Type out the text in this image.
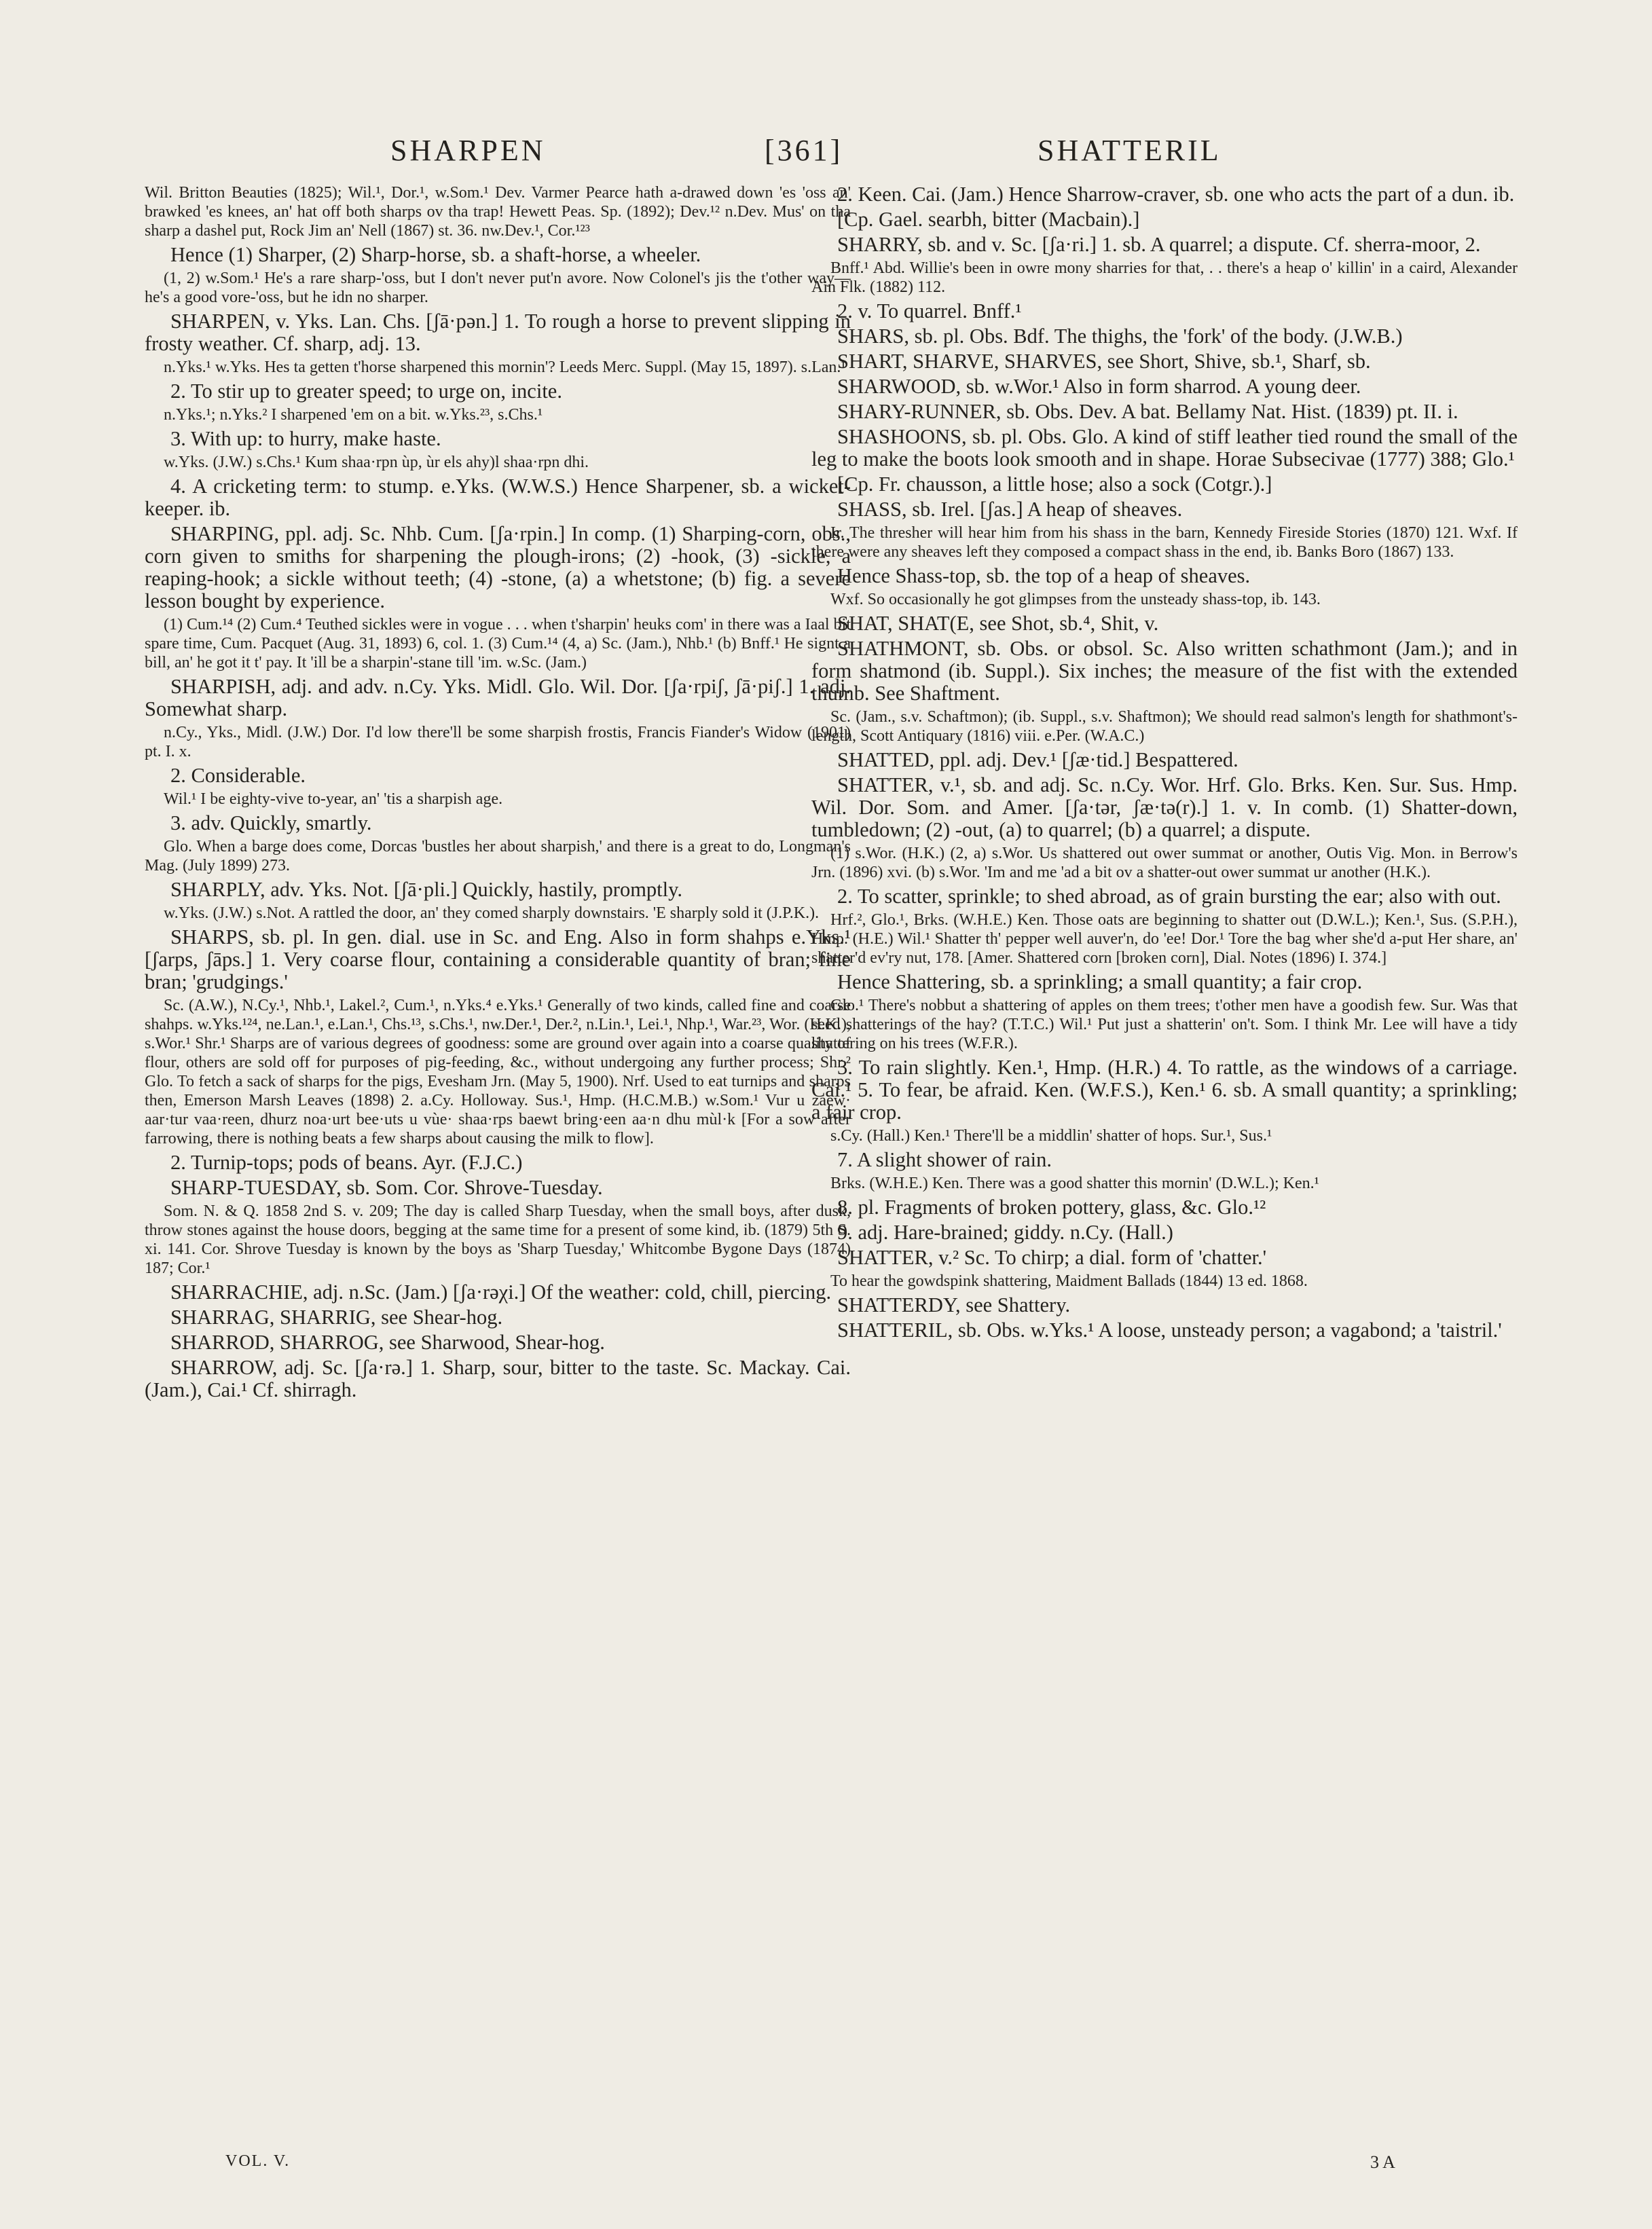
SHARPEN	[361]	SHATTERIL

Wil. Britton Beauties (1825); Wil.¹, Dor.¹, w.Som.¹ Dev. Varmer Pearce hath a-drawed down 'es 'oss an' brawked 'es knees, an' hat off both sharps ov tha trap! Hewett Peas. Sp. (1892); Dev.¹² n.Dev. Mus' on tha sharp a dashel put, Rock Jim an' Nell (1867) st. 36. nw.Dev.¹, Cor.¹²³

Hence (1) Sharper, (2) Sharp-horse, sb. a shaft-horse, a wheeler.

(1, 2) w.Som.¹ He's a rare sharp-'oss, but I don't never put'n avore. Now Colonel's jis the t'other way—he's a good vore-'oss, but he idn no sharper.

SHARPEN, v. Yks. Lan. Chs. [ʃā·pən.] 1. To rough a horse to prevent slipping in frosty weather. Cf. sharp, adj. 13.

n.Yks.¹ w.Yks. Hes ta getten t'horse sharpened this mornin'? Leeds Merc. Suppl. (May 15, 1897). s.Lan.¹

2. To stir up to greater speed; to urge on, incite.

n.Yks.¹; n.Yks.² I sharpened 'em on a bit. w.Yks.²³, s.Chs.¹

3. With up: to hurry, make haste.

w.Yks. (J.W.) s.Chs.¹ Kum shaa·rpn ùp, ùr els ahy)l shaa·rpn dhi.

4. A cricketing term: to stump. e.Yks. (W.W.S.) Hence Sharpener, sb. a wicket-keeper. ib.

SHARPING, ppl. adj. Sc. Nhb. Cum. [ʃa·rpin.] In comp. (1) Sharping-corn, obs., corn given to smiths for sharpening the plough-irons; (2) -hook, (3) -sickle, a reaping-hook; a sickle without teeth; (4) -stone, (a) a whetstone; (b) fig. a severe lesson bought by experience.

(1) Cum.¹⁴ (2) Cum.⁴ Teuthed sickles were in vogue . . . when t'sharpin' heuks com' in there was a Iaal bit spare time, Cum. Pacquet (Aug. 31, 1893) 6, col. 1. (3) Cum.¹⁴ (4, a) Sc. (Jam.), Nhb.¹ (b) Bnff.¹ He signt a bill, an' he got it t' pay. It 'ill be a sharpin'-stane till 'im. w.Sc. (Jam.)

SHARPISH, adj. and adv. n.Cy. Yks. Midl. Glo. Wil. Dor. [ʃa·rpiʃ, ʃā·piʃ.] 1. adj. Somewhat sharp.

n.Cy., Yks., Midl. (J.W.) Dor. I'd low there'll be some sharpish frostis, Francis Fiander's Widow (1901) pt. I. x.

2. Considerable.

Wil.¹ I be eighty-vive to-year, an' 'tis a sharpish age.

3. adv. Quickly, smartly.

Glo. When a barge does come, Dorcas 'bustles her about sharpish,' and there is a great to do, Longman's Mag. (July 1899) 273.

SHARPLY, adv. Yks. Not. [ʃā·pli.] Quickly, hastily, promptly.

w.Yks. (J.W.) s.Not. A rattled the door, an' they comed sharply downstairs. 'E sharply sold it (J.P.K.).

SHARPS, sb. pl. In gen. dial. use in Sc. and Eng. Also in form shahps e.Yks.¹ [ʃarps, ʃāps.] 1. Very coarse flour, containing a considerable quantity of bran; fine bran; 'grudgings.'

Sc. (A.W.), N.Cy.¹, Nhb.¹, Lakel.², Cum.¹, n.Yks.⁴ e.Yks.¹ Generally of two kinds, called fine and coarse shahps. w.Yks.¹²⁴, ne.Lan.¹, e.Lan.¹, Chs.¹³, s.Chs.¹, nw.Der.¹, Der.², n.Lin.¹, Lei.¹, Nhp.¹, War.²³, Wor. (H.K.), s.Wor.¹ Shr.¹ Sharps are of various degrees of goodness: some are ground over again into a coarse quality of flour, others are sold off for purposes of pig-feeding, &c., without undergoing any further process; Shr.² Glo. To fetch a sack of sharps for the pigs, Evesham Jrn. (May 5, 1900). Nrf. Used to eat turnips and sharps then, Emerson Marsh Leaves (1898) 2. a.Cy. Holloway. Sus.¹, Hmp. (H.C.M.B.) w.Som.¹ Vur u zaew· aar·tur vaa·reen, dhurz noa·urt bee·uts u vùe· shaa·rps baewt bring·een aa·n dhu mùl·k [For a sow after farrowing, there is nothing beats a few sharps about causing the milk to flow].

2. Turnip-tops; pods of beans. Ayr. (F.J.C.)

SHARP-TUESDAY, sb. Som. Cor. Shrove-Tuesday.

Som. N. & Q. 1858 2nd S. v. 209; The day is called Sharp Tuesday, when the small boys, after dusk, throw stones against the house doors, begging at the same time for a present of some kind, ib. (1879) 5th S. xi. 141. Cor. Shrove Tuesday is known by the boys as 'Sharp Tuesday,' Whitcombe Bygone Days (1874) 187; Cor.¹

SHARRACHIE, adj. n.Sc. (Jam.) [ʃa·rəχi.] Of the weather: cold, chill, piercing.

SHARRAG, SHARRIG, see Shear-hog.

SHARROD, SHARROG, see Sharwood, Shear-hog.

SHARROW, adj. Sc. [ʃa·rə.] 1. Sharp, sour, bitter to the taste. Sc. Mackay. Cai. (Jam.), Cai.¹ Cf. shirragh.

2. Keen. Cai. (Jam.) Hence Sharrow-craver, sb. one who acts the part of a dun. ib.

[Cp. Gael. searbh, bitter (Macbain).]

SHARRY, sb. and v. Sc. [ʃa·ri.] 1. sb. A quarrel; a dispute. Cf. sherra-moor, 2.

Bnff.¹ Abd. Willie's been in owre mony sharries for that, . . there's a heap o' killin' in a caird, Alexander Ain Flk. (1882) 112.

2. v. To quarrel. Bnff.¹

SHARS, sb. pl. Obs. Bdf. The thighs, the 'fork' of the body. (J.W.B.)

SHART, SHARVE, SHARVES, see Short, Shive, sb.¹, Sharf, sb.

SHARWOOD, sb. w.Wor.¹ Also in form sharrod. A young deer.

SHARY-RUNNER, sb. Obs. Dev. A bat. Bellamy Nat. Hist. (1839) pt. II. i.

SHASHOONS, sb. pl. Obs. Glo. A kind of stiff leather tied round the small of the leg to make the boots look smooth and in shape. Horae Subsecivae (1777) 388; Glo.¹

[Cp. Fr. chausson, a little hose; also a sock (Cotgr.).]

SHASS, sb. Irel. [ʃas.] A heap of sheaves.

Ir. The thresher will hear him from his shass in the barn, Kennedy Fireside Stories (1870) 121. Wxf. If there were any sheaves left they composed a compact shass in the end, ib. Banks Boro (1867) 133.

Hence Shass-top, sb. the top of a heap of sheaves.

Wxf. So occasionally he got glimpses from the unsteady shass-top, ib. 143.

SHAT, SHAT(E, see Shot, sb.⁴, Shit, v.

SHATHMONT, sb. Obs. or obsol. Sc. Also written schathmont (Jam.); and in form shatmond (ib. Suppl.). Six inches; the measure of the fist with the extended thumb. See Shaftment.

Sc. (Jam., s.v. Schaftmon); (ib. Suppl., s.v. Shaftmon); We should read salmon's length for shathmont's-length, Scott Antiquary (1816) viii. e.Per. (W.A.C.)

SHATTED, ppl. adj. Dev.¹ [ʃæ·tid.] Bespattered.

SHATTER, v.¹, sb. and adj. Sc. n.Cy. Wor. Hrf. Glo. Brks. Ken. Sur. Sus. Hmp. Wil. Dor. Som. and Amer. [ʃa·tər, ʃæ·tə(r).] 1. v. In comb. (1) Shatter-down, tumbledown; (2) -out, (a) to quarrel; (b) a quarrel; a dispute.

(1) s.Wor. (H.K.) (2, a) s.Wor. Us shattered out ower summat or another, Outis Vig. Mon. in Berrow's Jrn. (1896) xvi. (b) s.Wor. 'Im and me 'ad a bit ov a shatter-out ower summat ur another (H.K.).

2. To scatter, sprinkle; to shed abroad, as of grain bursting the ear; also with out.

Hrf.², Glo.¹, Brks. (W.H.E.) Ken. Those oats are beginning to shatter out (D.W.L.); Ken.¹, Sus. (S.P.H.), Hmp. (H.E.) Wil.¹ Shatter th' pepper well auver'n, do 'ee! Dor.¹ Tore the bag wher she'd a-put Her share, an' shatter'd ev'ry nut, 178. [Amer. Shattered corn [broken corn], Dial. Notes (1896) I. 374.]

Hence Shattering, sb. a sprinkling; a small quantity; a fair crop.

Glo.¹ There's nobbut a shattering of apples on them trees; t'other men have a goodish few. Sur. Was that seed shatterings of the hay? (T.T.C.) Wil.¹ Put just a shatterin' on't. Som. I think Mr. Lee will have a tidy shattering on his trees (W.F.R.).

3. To rain slightly. Ken.¹, Hmp. (H.R.) 4. To rattle, as the windows of a carriage. Cai.¹ 5. To fear, be afraid. Ken. (W.F.S.), Ken.¹ 6. sb. A small quantity; a sprinkling; a fair crop.

s.Cy. (Hall.) Ken.¹ There'll be a middlin' shatter of hops. Sur.¹, Sus.¹

7. A slight shower of rain.

Brks. (W.H.E.) Ken. There was a good shatter this mornin' (D.W.L.); Ken.¹

8. pl. Fragments of broken pottery, glass, &c. Glo.¹²

9. adj. Hare-brained; giddy. n.Cy. (Hall.)

SHATTER, v.² Sc. To chirp; a dial. form of 'chatter.'

To hear the gowdspink shattering, Maidment Ballads (1844) 13 ed. 1868.

SHATTERDY, see Shattery.

SHATTERIL, sb. Obs. w.Yks.¹ A loose, unsteady person; a vagabond; a 'taistril.'

VOL. V.	3 A
